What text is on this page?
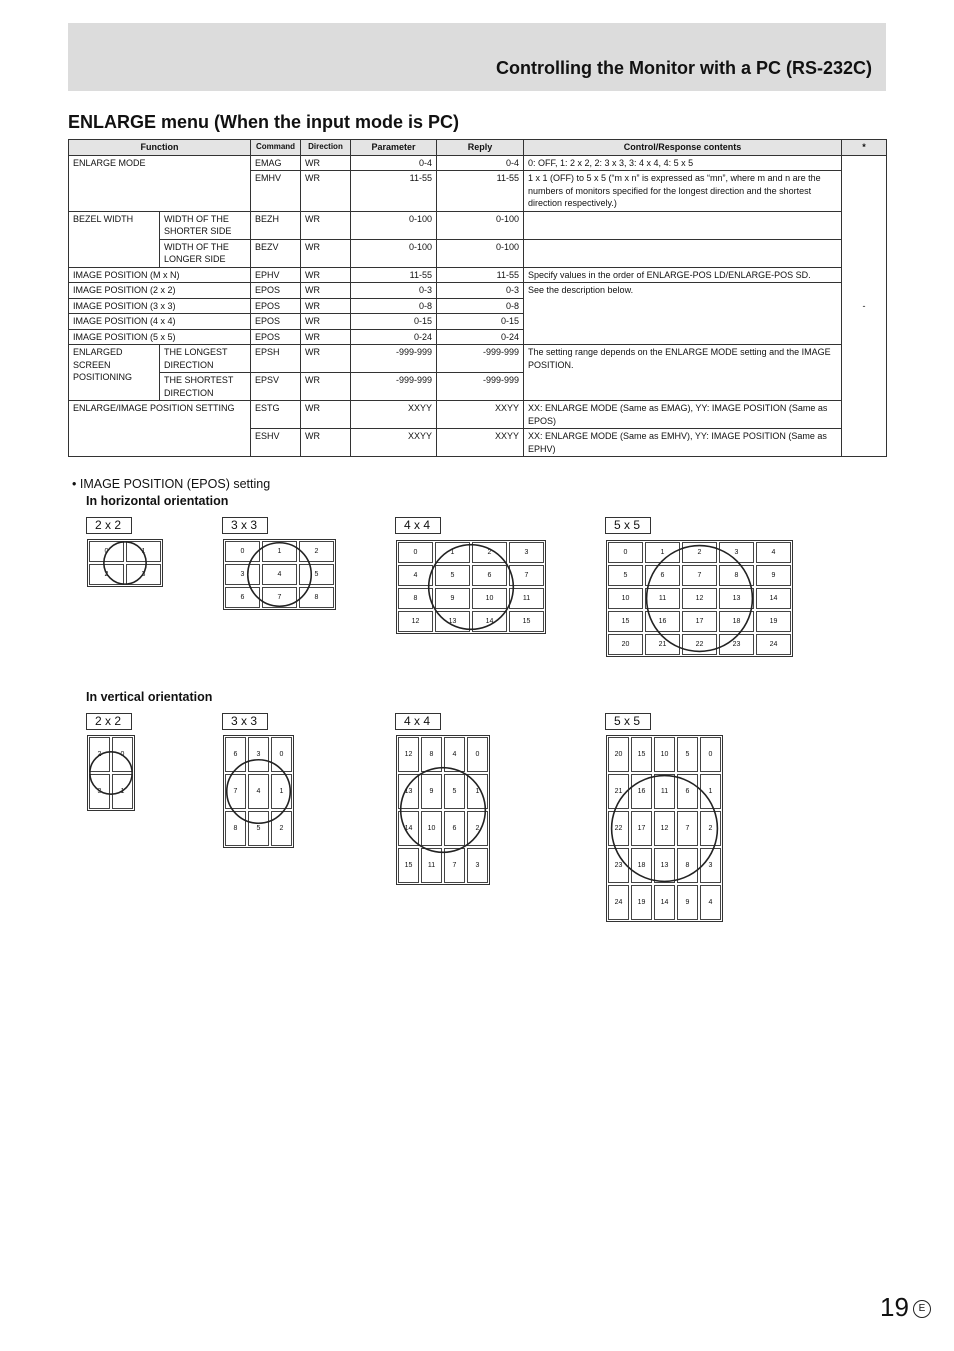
Controlling the Monitor with a PC (RS-232C)
ENLARGE menu (When the input mode is PC)
Function		Command	Direction	Parameter	Reply	Control/Response contents	*
ENLARGE MODE		EMAG	WR	0-4	0-4	0: OFF, 1: 2 x 2, 2: 3 x 3, 3: 4 x 4, 4: 5 x 5	-
		EMHV	WR	11-55	11-55	1 x 1 (OFF) to 5 x 5 (“m x n” is expressed as “mn”, where m and n are the numbers of monitors specified for the longest direction and the shortest direction respectively.)	
BEZEL WIDTH	WIDTH OF THE SHORTER SIDE	BEZH	WR	0-100	0-100		
	WIDTH OF THE LONGER SIDE	BEZV	WR	0-100	0-100		
IMAGE POSITION (M x N)		EPHV	WR	11-55	11-55	Specify values in the order of ENLARGE-POS LD/ENLARGE-POS SD.	
IMAGE POSITION (2 x 2)		EPOS	WR	0-3	0-3	See the description below.	
IMAGE POSITION (3 x 3)		EPOS	WR	0-8	0-8		
IMAGE POSITION (4 x 4)		EPOS	WR	0-15	0-15		
IMAGE POSITION (5 x 5)		EPOS	WR	0-24	0-24		
ENLARGED SCREEN POSITIONING	THE LONGEST DIRECTION	EPSH	WR	-999-999	-999-999	The setting range depends on the ENLARGE MODE setting and the IMAGE POSITION.	
	THE SHORTEST DIRECTION	EPSV	WR	-999-999	-999-999		
ENLARGE/IMAGE POSITION SETTING		ESTG	WR	XXYY	XXYY	XX: ENLARGE MODE (Same as EMAG), YY: IMAGE POSITION (Same as EPOS)	
		ESHV	WR	XXYY	XXYY	XX: ENLARGE MODE (Same as EMHV), YY: IMAGE POSITION (Same as EPHV)	
• IMAGE POSITION (EPOS) setting
In horizontal orientation
In vertical orientation
2 x 2
0	1
2	3
3 x 3
0	1	2
3	4	5
6	7	8
4 x 4
0	1	2	3
4	5	6	7
8	9	10	11
12	13	14	15
5 x 5
0	1	2	3	4
5	6	7	8	9
10	11	12	13	14
15	16	17	18	19
20	21	22	23	24
2 x 2
2	0
3	1
3 x 3
6	3	0
7	4	1
8	5	2
4 x 4
12	8	4	0
13	9	5	1
14	10	6	2
15	11	7	3
5 x 5
20	15	10	5	0
21	16	11	6	1
22	17	12	7	2
23	18	13	8	3
24	19	14	9	4
19 E
